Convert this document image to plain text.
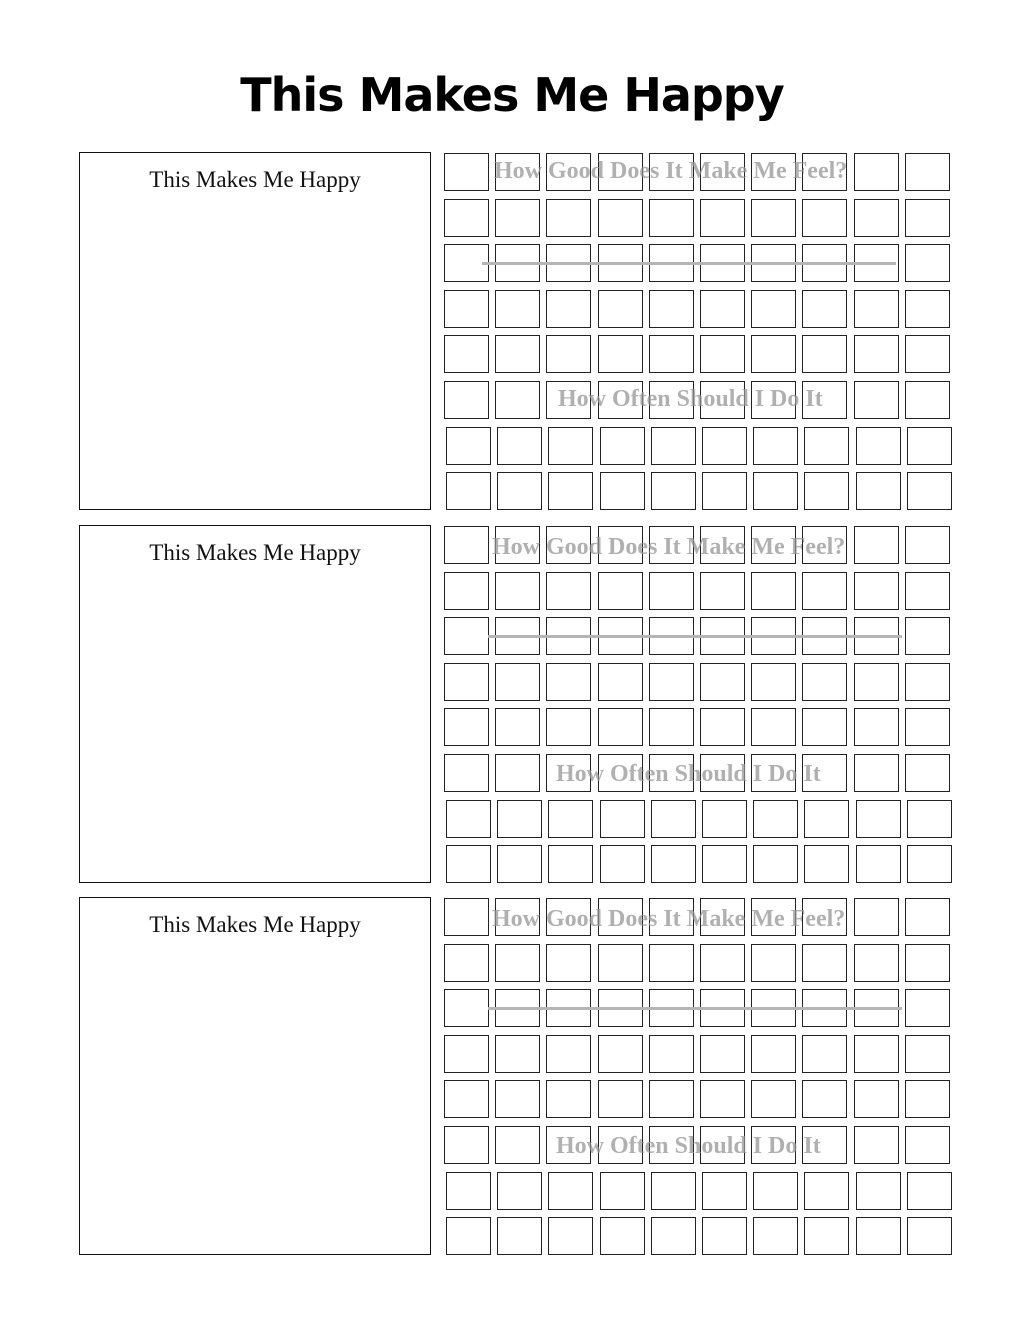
This Makes Me Happy
This Makes Me Happy	How Good Does It Make Me Feel?
How Often Should I Do It
This Makes Me Happy	How Good Does It Make Me Feel?
How Often Should I Do It
This Makes Me Happy	How Good Does It Make Me Feel?
How Often Should I Do It
